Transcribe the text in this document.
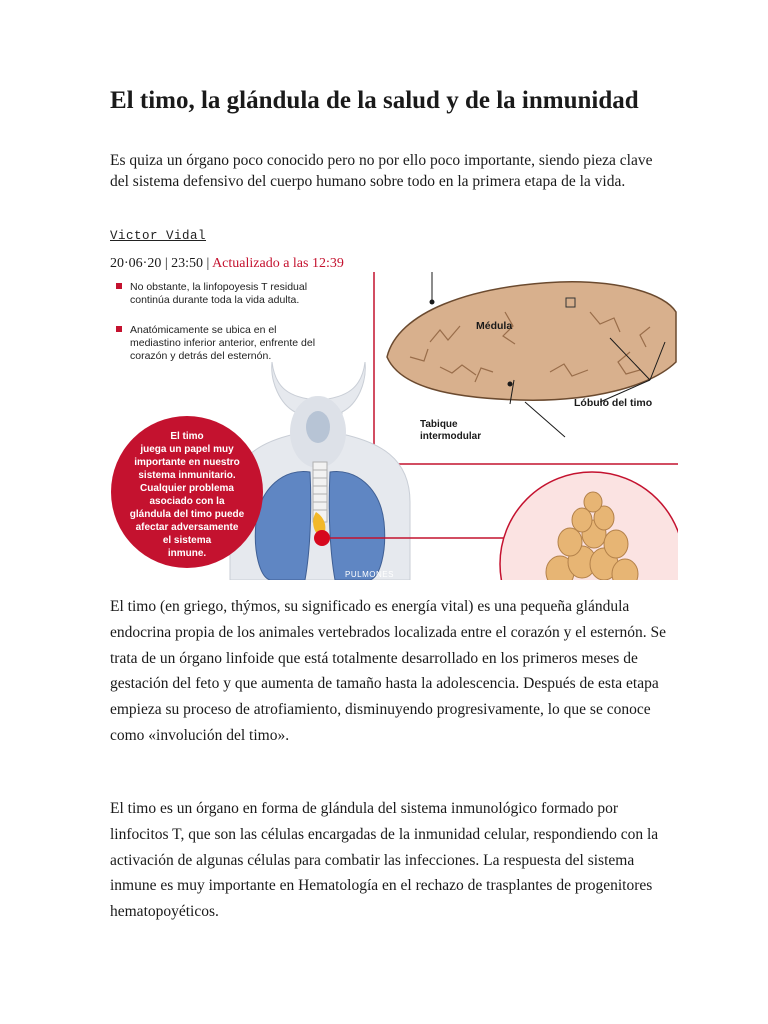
El timo, la glándula de la salud y de la inmunidad

Es quiza un órgano poco conocido pero no por ello poco importante, siendo pieza clave del sistema defensivo del cuerpo humano sobre todo en la primera etapa de la vida.

Victor Vidal
20·06·20 | 23:50 | Actualizado a las 12:39
Médula
Lóbulo del timo
Tabique
intermodular
No obstante, la linfopoyesis T residual
continúa durante toda la vida adulta.
Anatómicamente se ubica en el
mediastino inferior anterior, enfrente del
corazón y detrás del esternón.
PULMONES
El timo
juega un papel muy
importante en nuestro
sistema inmunitario.
Cualquier problema
asociado con la
glándula del timo puede
afectar adversamente
el sistema
inmune.

El timo (en griego, thýmos, su significado es energía vital) es una pequeña glándula endocrina propia de los animales vertebrados localizada entre el corazón y el esternón. Se trata de un órgano linfoide que está totalmente desarrollado en los primeros meses de gestación del feto y que aumenta de tamaño hasta la adolescencia. Después de esta etapa empieza su proceso de atrofiamiento, disminuyendo progresivamente, lo que se conoce como «involución del timo».

El timo es un órgano en forma de glándula del sistema inmunológico formado por linfocitos T, que son las células encargadas de la inmunidad celular, respondiendo con la activación de algunas células para combatir las infecciones. La respuesta del sistema inmune es muy importante en Hematología en el rechazo de trasplantes de progenitores hematopoyéticos.
